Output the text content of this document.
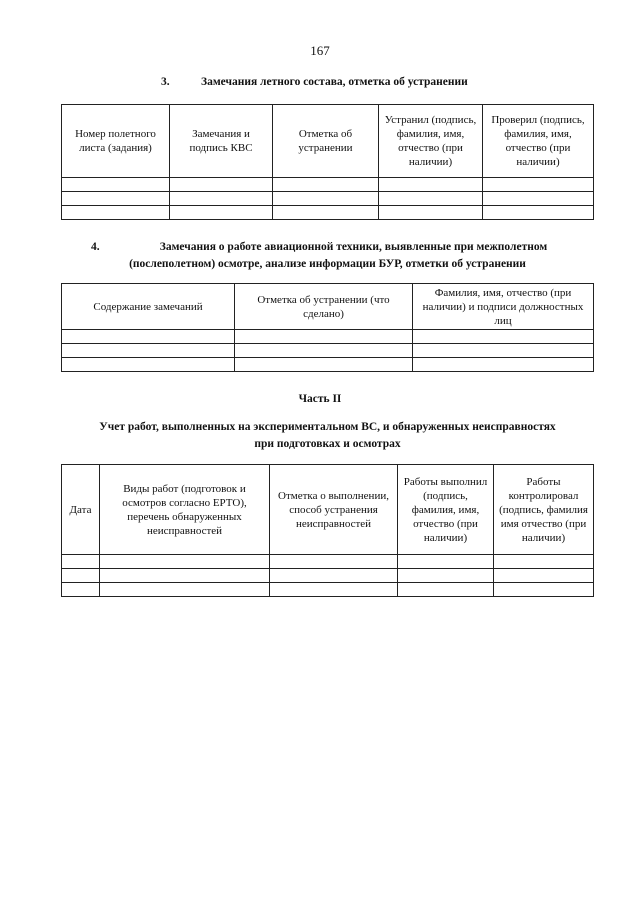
167
3.	Замечания летного состава, отметка об устранении
Номер полетного листа (задания)	Замечания и подпись КВС	Отметка об устранении	Устранил (подпись, фамилия, имя, отчество (при наличии)	Проверил (подпись, фамилия, имя, отчество (при наличии)

4.	Замечания о работе авиационной техники, выявленные при межполетном
(послеполетном) осмотре, анализе информации БУР, отметки об устранении
Содержание замечаний	Отметка об устранении (что сделано)	Фамилия, имя, отчество (при наличии) и подписи должностных лиц

Часть II
Учет работ, выполненных на экспериментальном ВС, и обнаруженных неисправностях
при подготовках и осмотрах
Дата	Виды работ (подготовок и осмотров согласно ЕРТО), перечень обнаруженных неисправностей	Отметка о выполнении, способ устранения неисправностей	Работы выполнил (подпись, фамилия, имя, отчество (при наличии)	Работы контролировал (подпись, фамилия имя отчество (при наличии)
